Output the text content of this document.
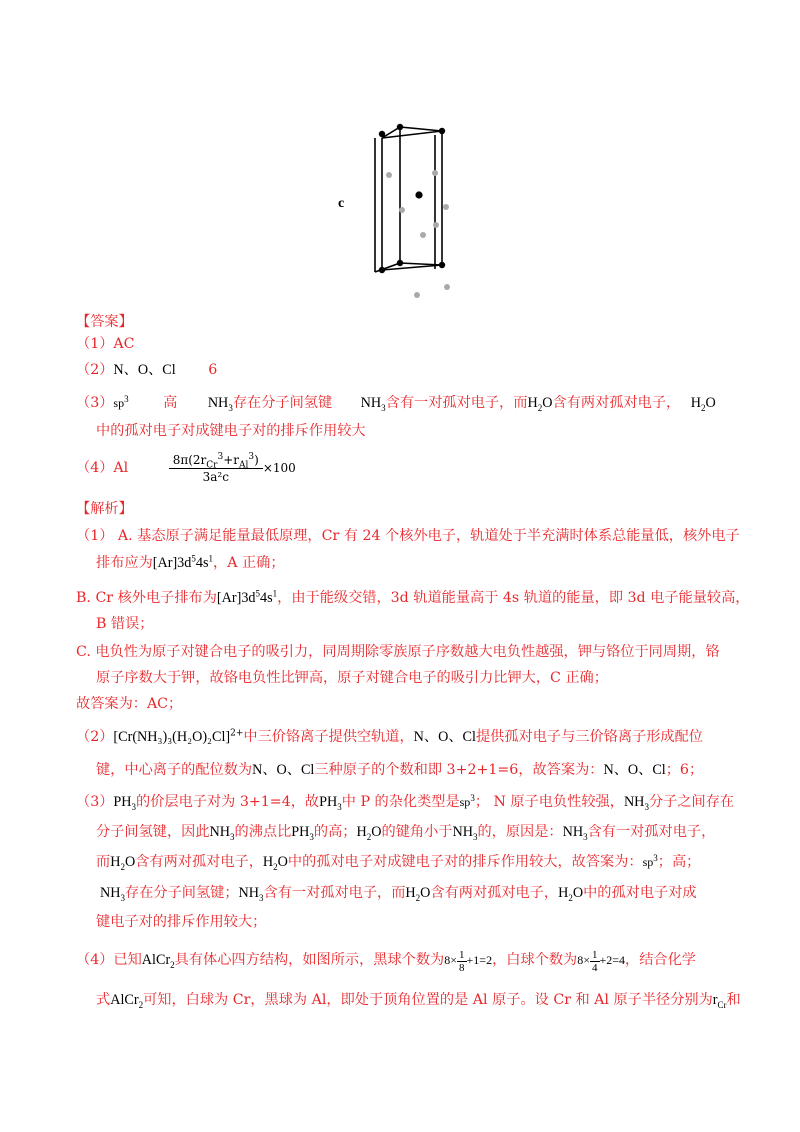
c
【答案】
（1）AC
（2）N、O、Cl 6
$(3)sp^3$ 高 $NH_3$存在分子间氢键 $NH_3$含有一对孤对电子，而$H_2O$含有两对孤对电子， $H_2O$
中的孤对电子对成键电子对的排斥作用较大
（4）Al
$8\pi(2r_{Cr}^3+r_{Al}^3)$
3a²c
×100
【解析】
（1） A. 基态原子满足能量最低原理，Cr 有 24 个核外电子，轨道处于半充满时体系总能量低，核外电子
排布应为$[Ar]3d^54s^1$，A 正确；
B. Cr 核外电子排布为$[Ar]3d^54s^1$，由于能级交错，3d 轨道能量高于 4s 轨道的能量，即 3d 电子能量较高，
B 错误；
C. 电负性为原子对键合电子的吸引力，同周期除零族原子序数越大电负性越强，钾与铬位于同周期，铬
原子序数大于钾，故铬电负性比钾高，原子对键合电子的吸引力比钾大，C 正确；
故答案为：AC；
$(2)[Cr(NH_3)_3(H_2O)_2Cl]^{2+}$中三价铬离子提供空轨道，N、O、Cl提供孤对电子与三价铬离子形成配位
键，中心离子的配位数为N、O、Cl三种原子的个数和即 3+2+1=6，故答案为：N、O、Cl；6；
$(3)PH_3$的价层电子对为 3+1=4，故$PH_3$中 P 的杂化类型是$sp^3$； N 原子电负性较强，$NH_3$分子之间存在
分子间氢键，因此$NH_3$的沸点比$PH_3$的高；$H_2O$的键角小于$NH_3$的，原因是：$NH_3$含有一对孤对电子，
而$H_2O$含有两对孤对电子，$H_2O$中的孤对电子对成键电子对的排斥作用较大，故答案为：$sp^3$；高；
$NH_3$存在分子间氢键；$NH_3$含有一对孤对电子，而$H_2O$含有两对孤对电子，$H_2O$中的孤对电子对成
键电子对的排斥作用较大；
（4）已知AlCr$_2$具有体心四方结构，如图所示，黑球个数为$8\times \frac{1}{8} +1=2$，白球个数为$8\times \frac{1}{4} +2=4$，结合化学
式AlCr$_2$可知，白球为 Cr，黑球为 Al，即处于顶角位置的是 Al 原子。设 Cr 和 Al 原子半径分别为$r_{Cr}$和
